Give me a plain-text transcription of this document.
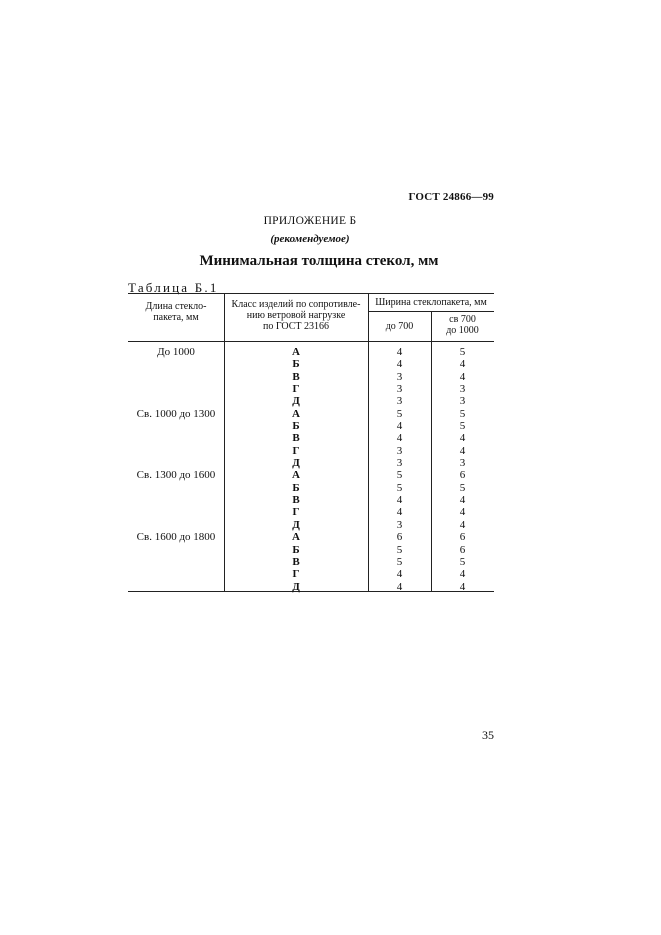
ГОСТ 24866—99
ПРИЛОЖЕНИЕ Б
(рекомендуемое)
Минимальная толщина стекол, мм
Таблица Б.1
Длина стекло-
пакета, мм
Класс изделий по сопротивле-
нию ветровой нагрузке
по ГОСТ 23166
Ширина стеклопакета, мм
до 700
св 700
до 1000
До 1000
Св. 1000 до 1300
Св. 1300 до 1600
Св. 1600 до 1800
А
Б
В
Г
Д
А
Б
В
Г
Д
А
Б
В
Г
Д
А
Б
В
Г
Д
4
4
3
3
3
5
4
4
3
3
5
5
4
4
3
6
5
5
4
4
5
4
4
3
3
5
5
4
4
3
6
5
4
4
4
6
6
5
4
4
35
